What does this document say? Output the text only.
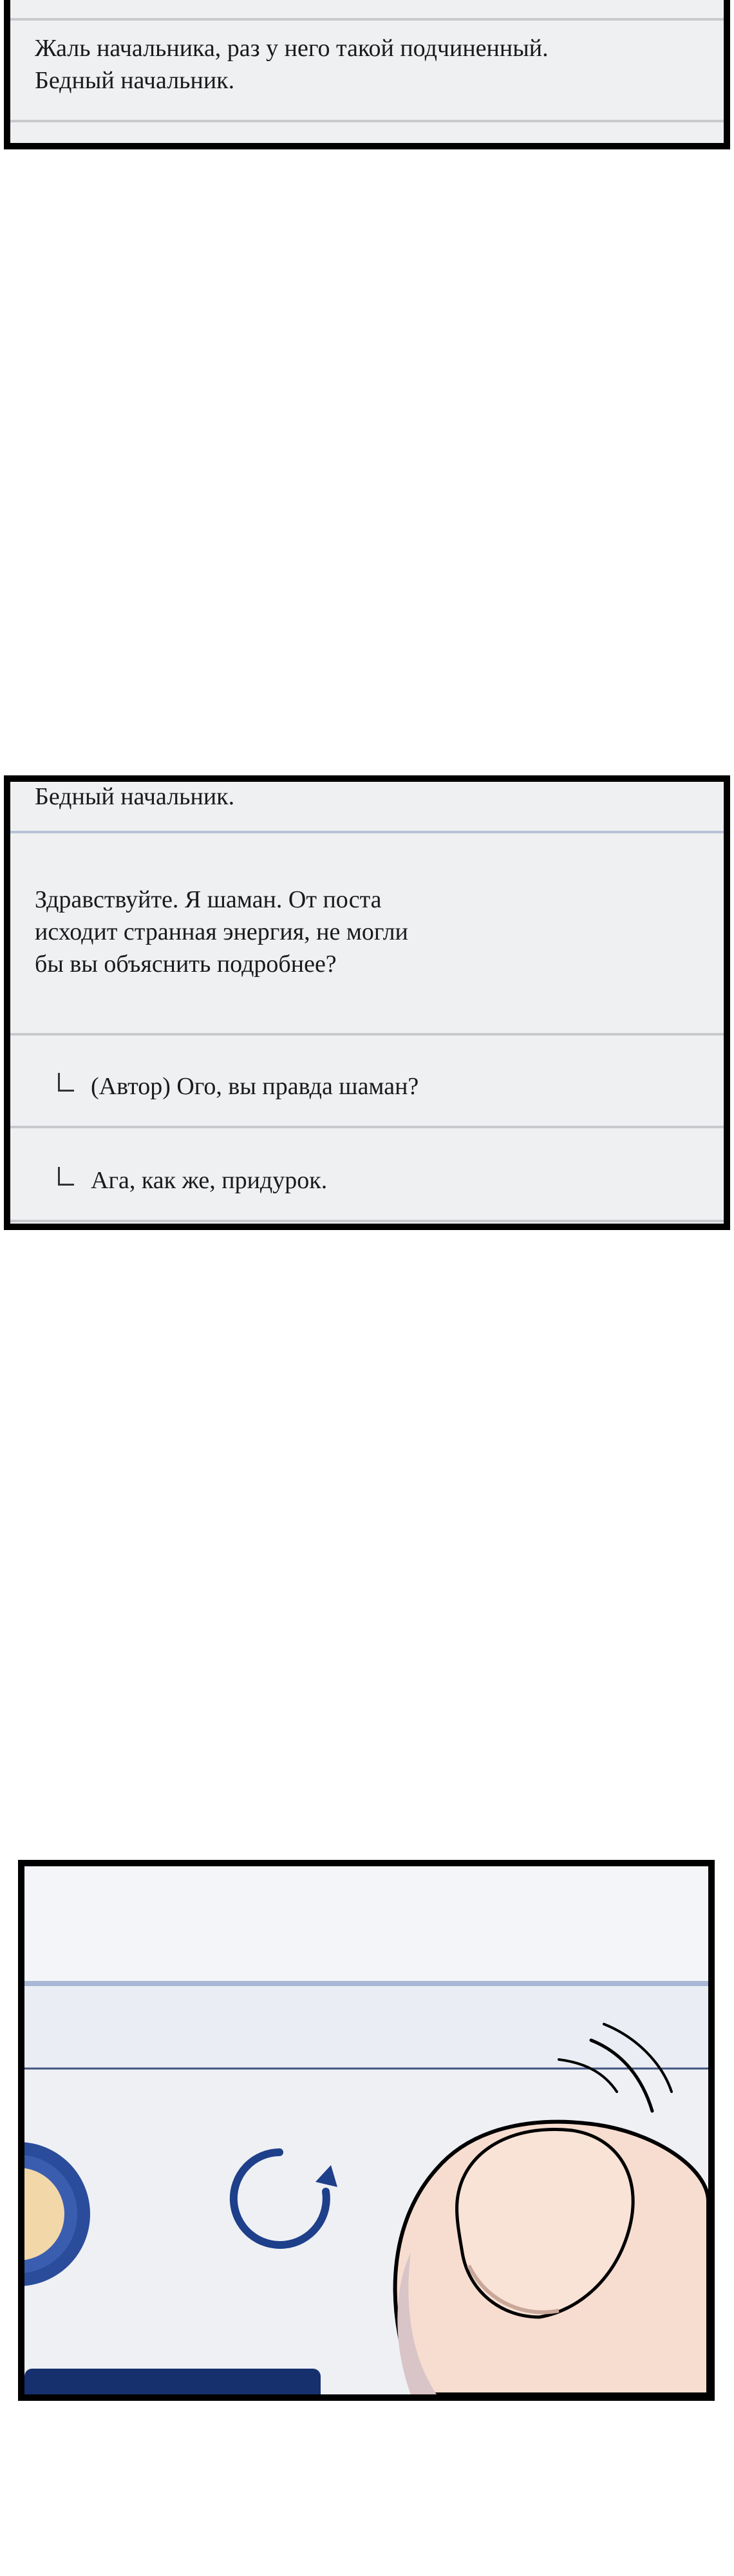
Жаль начальника, раз у него такой подчиненный.
Бедный начальник.
Бедный начальник.
Здравствуйте. Я шаман. От поста
исходит странная энергия, не могли
бы вы объяснить подробнее?
(Автор) Ого, вы правда шаман?
Ага, как же, придурок.
